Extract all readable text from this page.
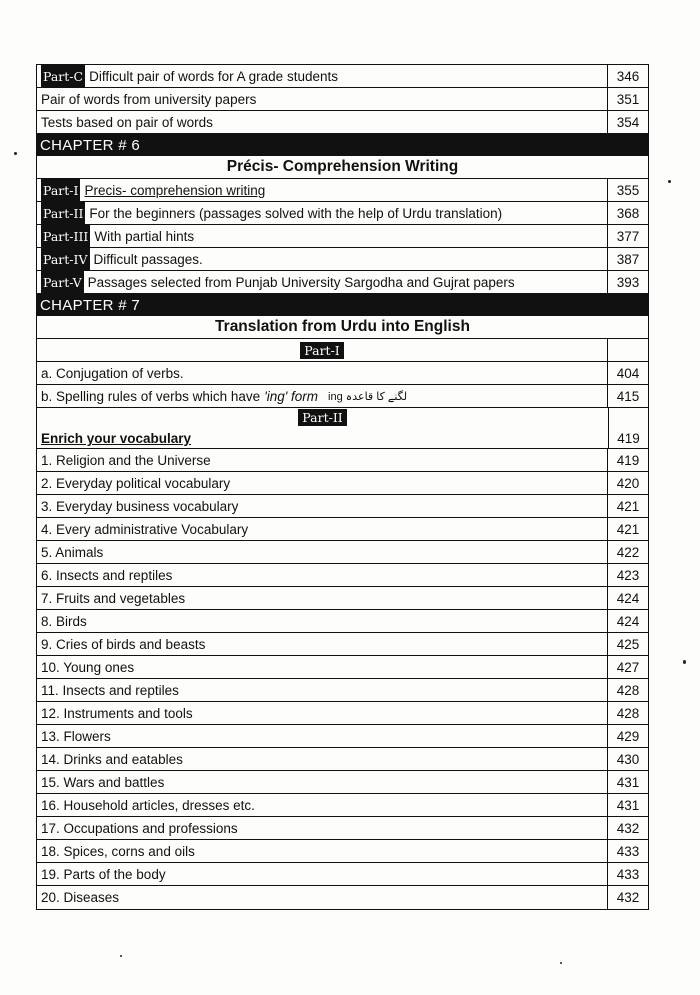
Part-C Difficult pair of words for A grade students	346
Pair of words from university papers	351
Tests based on pair of words	354
CHAPTER # 6
Précis- Comprehension Writing
Part-I Precis- comprehension writing	355
Part-II For the beginners (passages solved with the help of Urdu translation)	368
Part-III With partial hints	377
Part-IV Difficult passages.	387
Part-V Passages selected from Punjab University Sargodha and Gujrat papers	393
CHAPTER # 7
Translation from Urdu into English
Part-I
a. Conjugation of verbs.	404
b. Spelling rules of verbs which have 'ing' form ing لگنے کا قاعدہ	415
Part-II
Enrich your vocabulary	419
1. Religion and the Universe	419
2. Everyday political vocabulary	420
3. Everyday business vocabulary	421
4. Every administrative Vocabulary	421
5. Animals	422
6. Insects and reptiles	423
7. Fruits and vegetables	424
8. Birds	424
9. Cries of birds and beasts	425
10. Young ones	427
11. Insects and reptiles	428
12. Instruments and tools	428
13. Flowers	429
14. Drinks and eatables	430
15. Wars and battles	431
16. Household articles, dresses etc.	431
17. Occupations and professions	432
18. Spices, corns and oils	433
19. Parts of the body	433
20. Diseases	432
